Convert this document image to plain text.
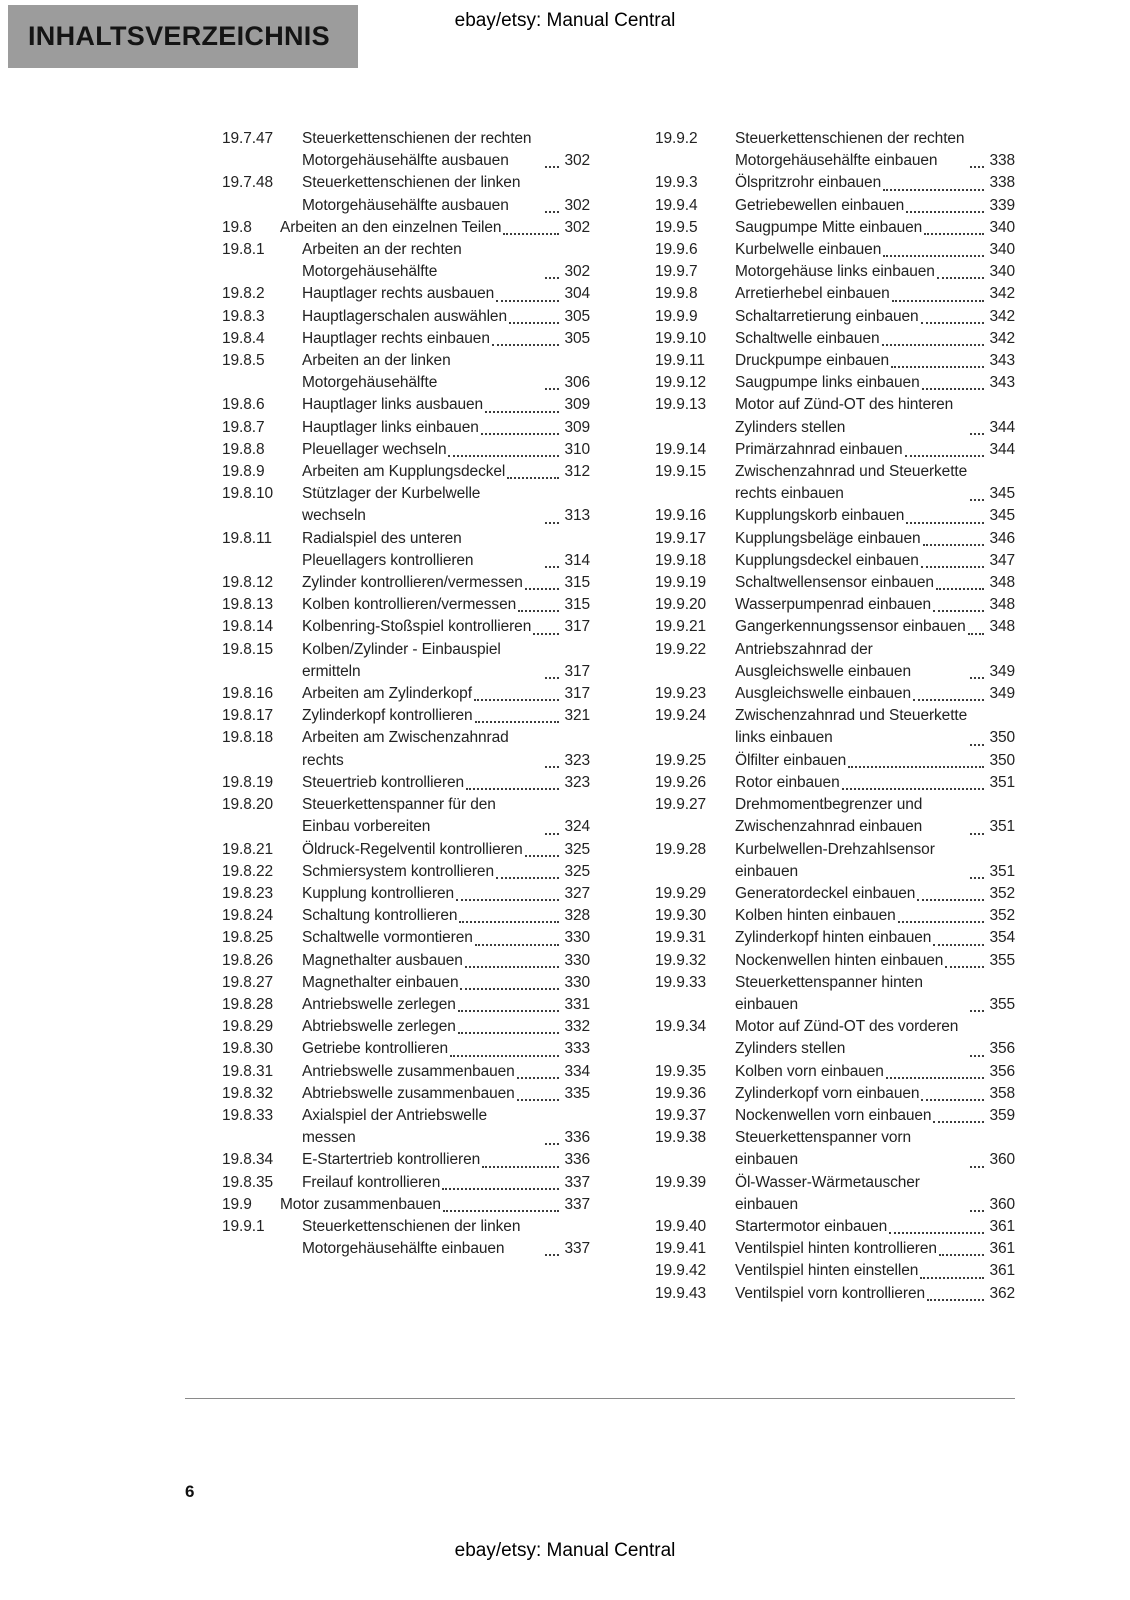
ebay/etsy: Manual Central
INHALTSVERZEICHNIS
19.7.47	Steuerkettenschienen der rechten Motorgehäusehälfte ausbauen	302
19.7.48	Steuerkettenschienen der linken Motorgehäusehälfte ausbauen	302
19.8	Arbeiten an den einzelnen Teilen	302
19.8.1	Arbeiten an der rechten Motorgehäusehälfte	302
19.8.2	Hauptlager rechts ausbauen	304
19.8.3	Hauptlagerschalen auswählen	305
19.8.4	Hauptlager rechts einbauen	305
19.8.5	Arbeiten an der linken Motorgehäusehälfte	306
19.8.6	Hauptlager links ausbauen	309
19.8.7	Hauptlager links einbauen	309
19.8.8	Pleuellager wechseln	310
19.8.9	Arbeiten am Kupplungsdeckel	312
19.8.10	Stützlager der Kurbelwelle wechseln	313
19.8.11	Radialspiel des unteren Pleuellagers kontrollieren	314
19.8.12	Zylinder kontrollieren/vermessen	315
19.8.13	Kolben kontrollieren/vermessen	315
19.8.14	Kolbenring-Stoßspiel kontrollieren 317
19.8.15	Kolben/Zylinder - Einbauspiel ermitteln	317
19.8.16	Arbeiten am Zylinderkopf	317
19.8.17	Zylinderkopf kontrollieren	321
19.8.18	Arbeiten am Zwischenzahnrad rechts	323
19.8.19	Steuertrieb kontrollieren	323
19.8.20	Steuerkettenspanner für den Einbau vorbereiten	324
19.8.21	Öldruck-Regelventil kontrollieren	325
19.8.22	Schmiersystem kontrollieren	325
19.8.23	Kupplung kontrollieren	327
19.8.24	Schaltung kontrollieren	328
19.8.25	Schaltwelle vormontieren	330
19.8.26	Magnethalter ausbauen	330
19.8.27	Magnethalter einbauen	330
19.8.28	Antriebswelle zerlegen	331
19.8.29	Abtriebswelle zerlegen	332
19.8.30	Getriebe kontrollieren	333
19.8.31	Antriebswelle zusammenbauen	334
19.8.32	Abtriebswelle zusammenbauen	335
19.8.33	Axialspiel der Antriebswelle messen	336
19.8.34	E-Startertrieb kontrollieren	336
19.8.35	Freilauf kontrollieren	337
19.9	Motor zusammenbauen	337
19.9.1	Steuerkettenschienen der linken Motorgehäusehälfte einbauen	337
19.9.2	Steuerkettenschienen der rechten Motorgehäusehälfte einbauen	338
19.9.3	Ölspritzrohr einbauen	338
19.9.4	Getriebewellen einbauen	339
19.9.5	Saugpumpe Mitte einbauen	340
19.9.6	Kurbelwelle einbauen	340
19.9.7	Motorgehäuse links einbauen	340
19.9.8	Arretierhebel einbauen	342
19.9.9	Schaltarretierung einbauen	342
19.9.10	Schaltwelle einbauen	342
19.9.11	Druckpumpe einbauen	343
19.9.12	Saugpumpe links einbauen	343
19.9.13	Motor auf Zünd-OT des hinteren Zylinders stellen	344
19.9.14	Primärzahnrad einbauen	344
19.9.15	Zwischenzahnrad und Steuerkette rechts einbauen	345
19.9.16	Kupplungskorb einbauen	345
19.9.17	Kupplungsbeläge einbauen	346
19.9.18	Kupplungsdeckel einbauen	347
19.9.19	Schaltwellensensor einbauen	348
19.9.20	Wasserpumpenrad einbauen	348
19.9.21	Gangerkennungssensor einbauen 348
19.9.22	Antriebszahnrad der Ausgleichswelle einbauen	349
19.9.23	Ausgleichswelle einbauen	349
19.9.24	Zwischenzahnrad und Steuerkette links einbauen	350
19.9.25	Ölfilter einbauen	350
19.9.26	Rotor einbauen	351
19.9.27	Drehmomentbegrenzer und Zwischenzahnrad einbauen	351
19.9.28	Kurbelwellen-Drehzahlsensor einbauen	351
19.9.29	Generatordeckel einbauen	352
19.9.30	Kolben hinten einbauen	352
19.9.31	Zylinderkopf hinten einbauen	354
19.9.32	Nockenwellen hinten einbauen	355
19.9.33	Steuerkettenspanner hinten einbauen	355
19.9.34	Motor auf Zünd-OT des vorderen Zylinders stellen	356
19.9.35	Kolben vorn einbauen	356
19.9.36	Zylinderkopf vorn einbauen	358
19.9.37	Nockenwellen vorn einbauen	359
19.9.38	Steuerkettenspanner vorn einbauen	360
19.9.39	Öl-Wasser-Wärmetauscher einbauen	360
19.9.40	Startermotor einbauen	361
19.9.41	Ventilspiel hinten kontrollieren	361
19.9.42	Ventilspiel hinten einstellen	361
19.9.43	Ventilspiel vorn kontrollieren	362
6
ebay/etsy: Manual Central
